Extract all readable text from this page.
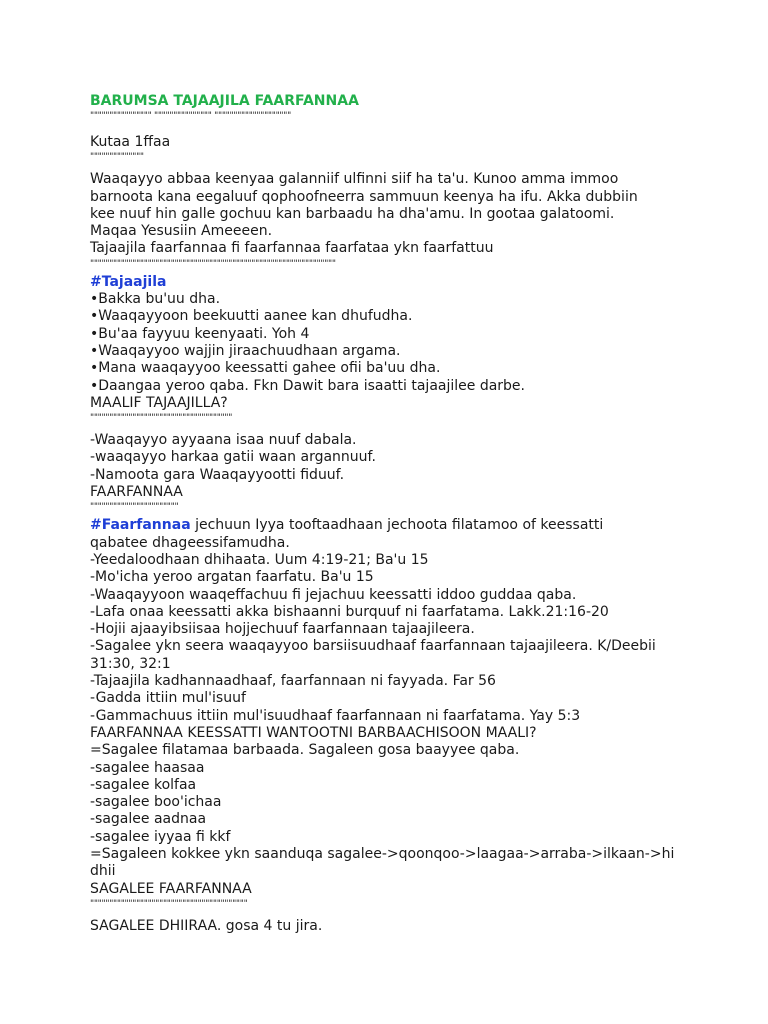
BARUMSA TAJAAJILA FAARFANNAA
"""""""""""""""" """"""""""""""" """"""""""""""""""""
Kutaa 1ffaa
""""""""""""""
Waaqayyo abbaa keenyaa galanniif ulfinni siif ha ta'u. Kunoo amma immoo barnoota kana eegaluuf qophoofneerra sammuun keenya ha ifu. Akka dubbiin kee nuuf hin galle gochuu kan barbaadu ha dha'amu. In gootaa galatoomi. Maqaa Yesusiin Ameeeen.
Tajaajila faarfannaa fi faarfannaa faarfataa ykn faarfattuu
""""""""""""""""""""""""""""""""""""""""""""""""""""""""""""""""
#Tajaajila
•Bakka bu'uu dha.
•Waaqayyoon beekuutti aanee kan dhufudha.
•Bu'aa fayyuu keenyaati. Yoh 4
•Waaqayyoo wajjin jiraachuudhaan argama.
•Mana waaqayyoo keessatti gahee ofii ba'uu dha.
•Daangaa yeroo qaba. Fkn Dawit bara isaatti tajaajilee darbe.
MAALIF TAJAAJILLA?
"""""""""""""""""""""""""""""""""""""
-Waaqayyo ayyaana isaa nuuf dabala.
-waaqayyo harkaa gatii waan argannuuf.
-Namoota gara Waaqayyootti fiduuf.
FAARFANNAA
"""""""""""""""""""""""
#Faarfannaa jechuun Iyya tooftaadhaan jechoota filatamoo of keessatti qabatee dhageessifamudha.
-Yeedaloodhaan dhihaata. Uum 4:19-21; Ba'u 15
-Mo'icha yeroo argatan faarfatu. Ba'u 15
-Waaqayyoon waaqeffachuu fi jejachuu keessatti iddoo guddaa qaba.
-Lafa onaa keessatti akka bishaanni burquuf ni faarfatama. Lakk.21:16-20
-Hojii ajaayibsiisaa hojjechuuf faarfannaan tajaajileera.
-Sagalee ykn seera waaqayyoo barsiisuudhaaf faarfannaan tajaajileera. K/Deebii 31:30, 32:1
-Tajaajila kadhannaadhaaf, faarfannaan ni fayyada. Far 56
-Gadda ittiin mul'isuuf
-Gammachuus ittiin mul'isuudhaaf faarfannaan ni faarfatama. Yay 5:3
FAARFANNAA KEESSATTI WANTOOTNI BARBAACHISOON MAALI?
=Sagalee filatamaa barbaada. Sagaleen gosa baayyee qaba.
-sagalee haasaa
-sagalee kolfaa
-sagalee boo'ichaa
-sagalee aadnaa
-sagalee iyyaa fi kkf
=Sagaleen kokkee ykn saanduqa sagalee->qoonqoo->laagaa->arraba->ilkaan->hidhii
SAGALEE FAARFANNAA
"""""""""""""""""""""""""""""""""""""""""
SAGALEE DHIIRAA. gosa 4 tu jira.
